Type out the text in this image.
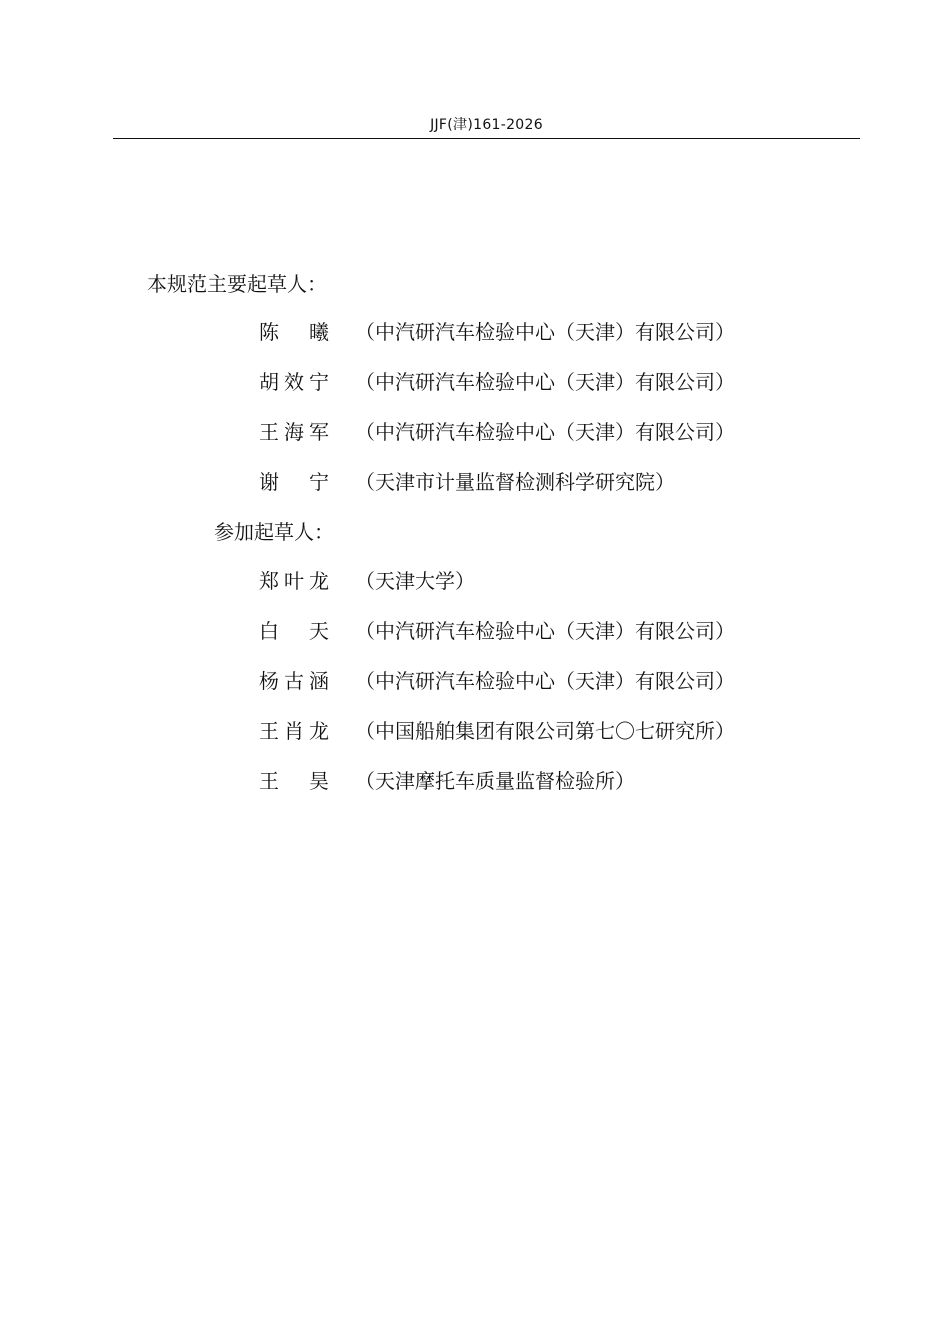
JJF(津)161-2026
本规范主要起草人：
陈　曦 （中汽研汽车检验中心（天津）有限公司）
胡效宁 （中汽研汽车检验中心（天津）有限公司）
王海军 （中汽研汽车检验中心（天津）有限公司）
谢　宁 （天津市计量监督检测科学研究院）
参加起草人：
郑叶龙 （天津大学）
白　天 （中汽研汽车检验中心（天津）有限公司）
杨古涵 （中汽研汽车检验中心（天津）有限公司）
王肖龙 （中国船舶集团有限公司第七〇七研究所）
王　昊 （天津摩托车质量监督检验所）
